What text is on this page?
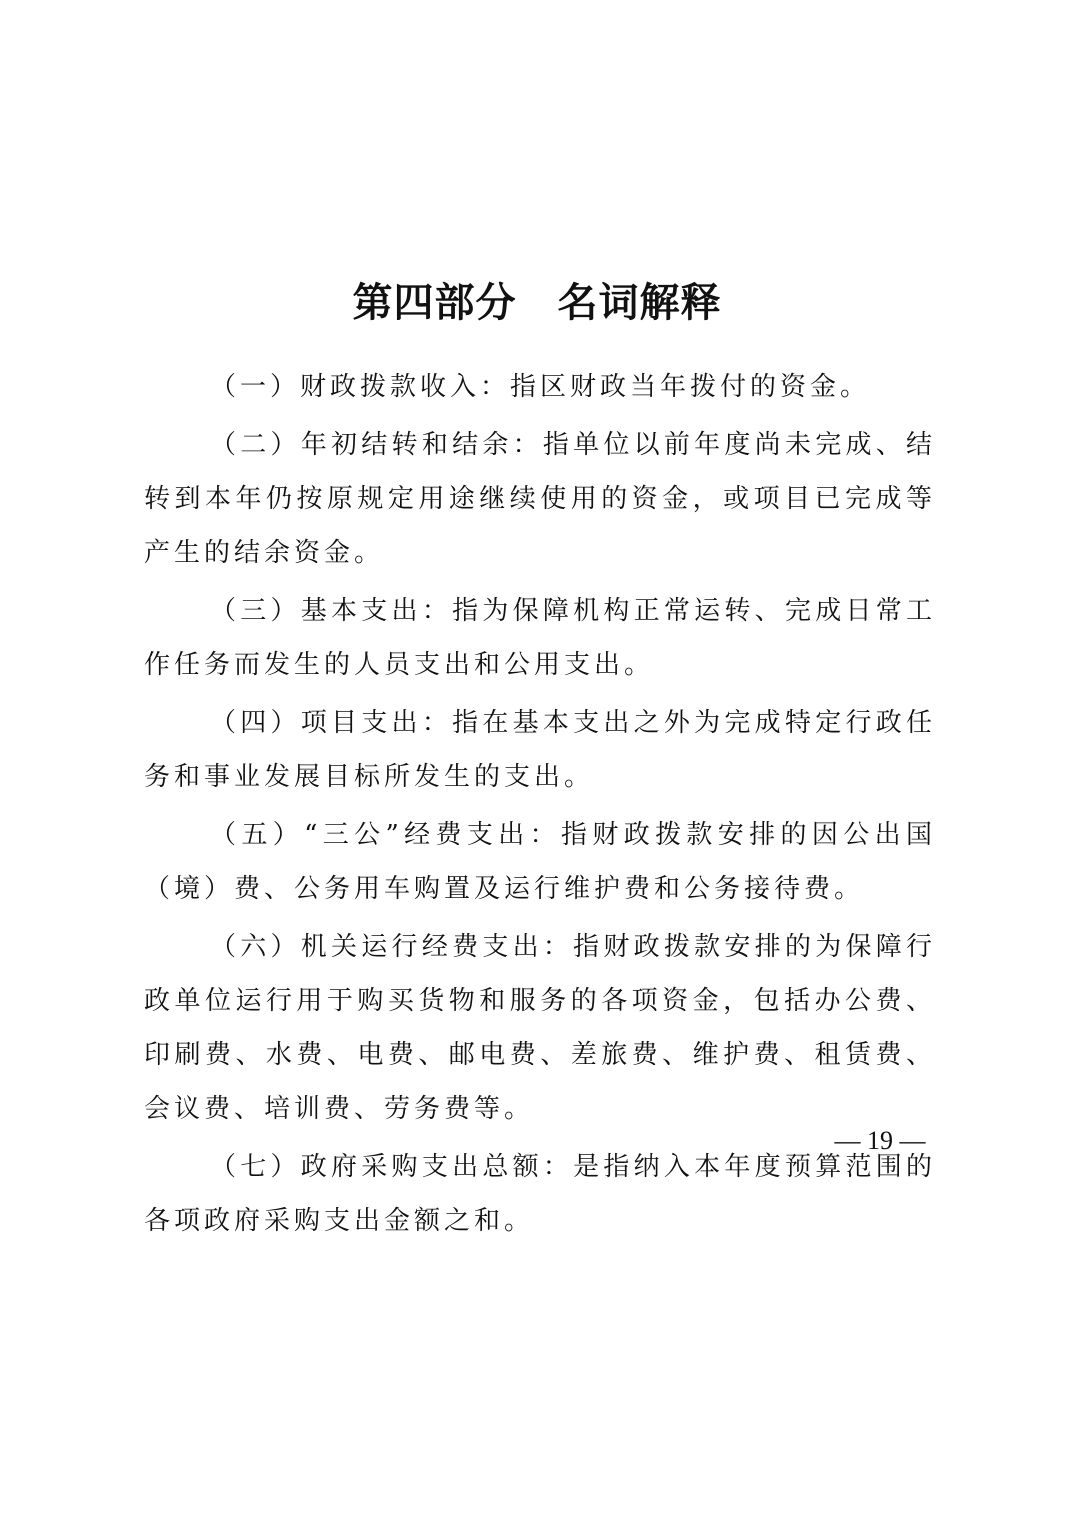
第四部分　名词解释

（一）财政拨款收入：指区财政当年拨付的资金。

（二）年初结转和结余：指单位以前年度尚未完成、结转到本年仍按原规定用途继续使用的资金，或项目已完成等产生的结余资金。

（三）基本支出：指为保障机构正常运转、完成日常工作任务而发生的人员支出和公用支出。

（四）项目支出：指在基本支出之外为完成特定行政任务和事业发展目标所发生的支出。

（五）“三公”经费支出：指财政拨款安排的因公出国（境）费、公务用车购置及运行维护费和公务接待费。

（六）机关运行经费支出：指财政拨款安排的为保障行政单位运行用于购买货物和服务的各项资金，包括办公费、印刷费、水费、电费、邮电费、差旅费、维护费、租赁费、会议费、培训费、劳务费等。

（七）政府采购支出总额：是指纳入本年度预算范围的各项政府采购支出金额之和。

— 19 —
